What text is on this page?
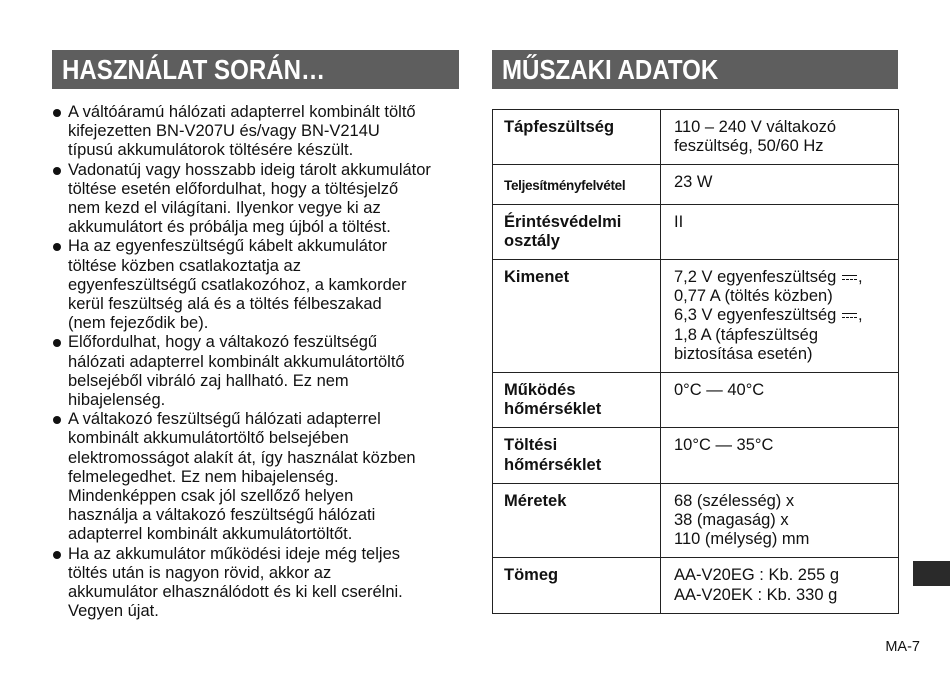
HASZNÁLAT SORÁN…
A váltóáramú hálózati adapterrel kombinált töltő
kifejezetten BN-V207U és/vagy BN-V214U
típusú akkumulátorok töltésére készült.
Vadonatúj vagy hosszabb ideig tárolt akkumulátor
töltése esetén előfordulhat, hogy a töltésjelző
nem kezd el világítani. Ilyenkor vegye ki az
akkumulátort és próbálja meg újból a töltést.
Ha az egyenfeszültségű kábelt akkumulátor
töltése közben csatlakoztatja az
egyenfeszültségű csatlakozóhoz, a kamkorder
kerül feszültség alá és a töltés félbeszakad
(nem fejeződik be).
Előfordulhat, hogy a váltakozó feszültségű
hálózati adapterrel kombinált akkumulátortöltő
belsejéből vibráló zaj hallható. Ez nem
hibajelenség.
A váltakozó feszültségű hálózati adapterrel
kombinált akkumulátortöltő belsejében
elektromosságot alakít át, így használat közben
felmelegedhet. Ez nem hibajelenség.
Mindenképpen csak jól szellőző helyen
használja a váltakozó feszültségű hálózati
adapterrel kombinált akkumulátortöltőt.
Ha az akkumulátor működési ideje még teljes
töltés után is nagyon rövid, akkor az
akkumulátor elhasználódott és ki kell cserélni.
Vegyen újat.
MŰSZAKI ADATOK
Tápfeszültség	110 – 240 V váltakozó
feszültség, 50/60 Hz
Teljesítményfelvétel	23 W
Érintésvédelmi
osztály	II
Kimenet	7,2 V egyenfeszültség ,
0,77 A (töltés közben)
6,3 V egyenfeszültség ,
1,8 A (tápfeszültség
biztosítása esetén)
Működés
hőmérséklet	0°C — 40°C
Töltési
hőmérséklet	10°C — 35°C
Méretek	68 (szélesség) x
38 (magaság) x
110 (mélység) mm
Tömeg	AA-V20EG : Kb. 255 g
AA-V20EK : Kb. 330 g
MA-7
